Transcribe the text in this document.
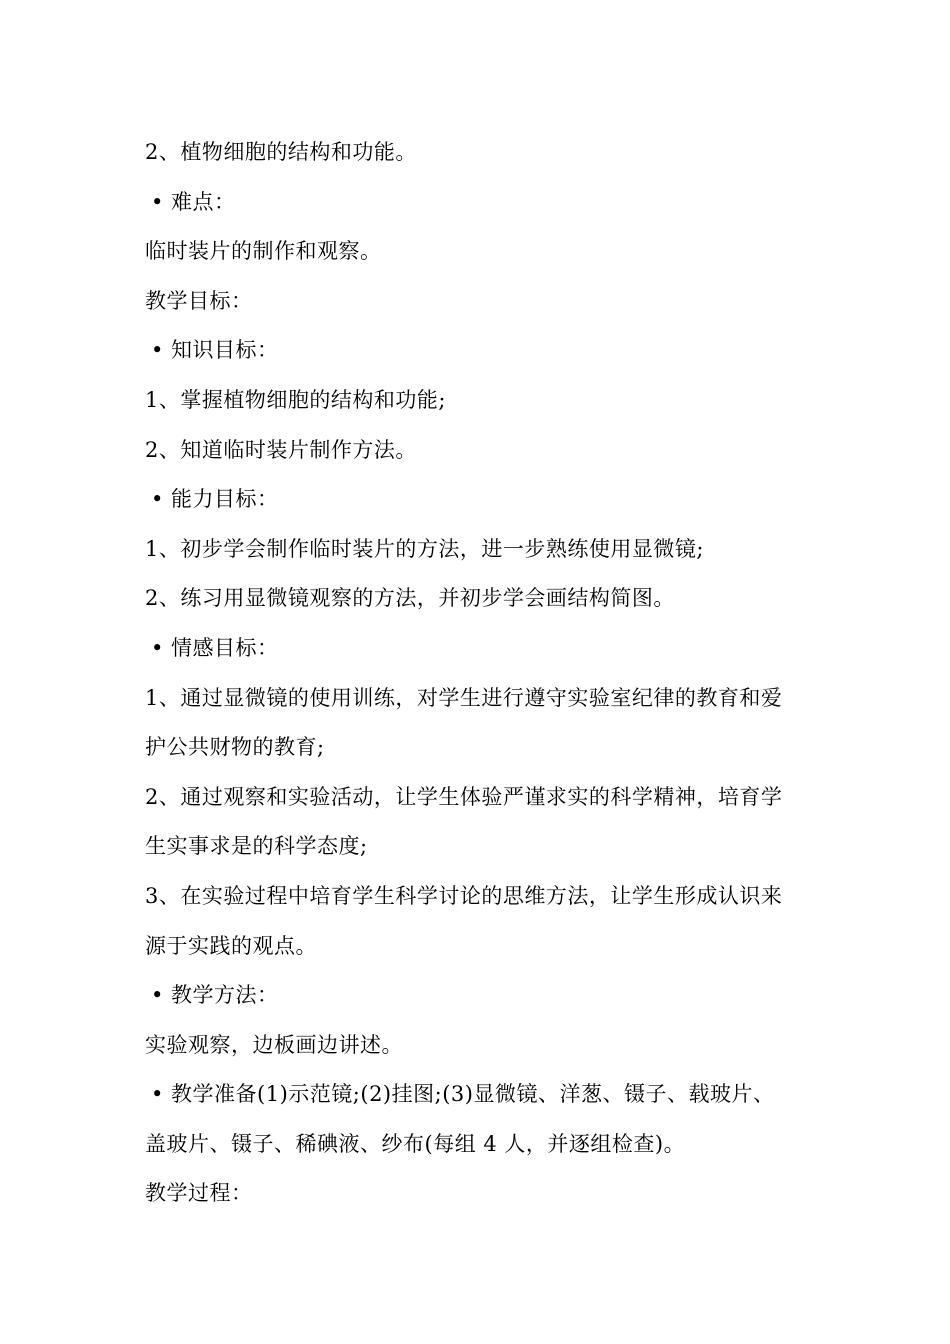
2、植物细胞的结构和功能。
• 难点：
临时装片的制作和观察。
教学目标：
• 知识目标：
1、掌握植物细胞的结构和功能;
2、知道临时装片制作方法。
• 能力目标：
1、初步学会制作临时装片的方法，进一步熟练使用显微镜;
2、练习用显微镜观察的方法，并初步学会画结构简图。
• 情感目标：
1、通过显微镜的使用训练，对学生进行遵守实验室纪律的教育和爱
护公共财物的教育;
2、通过观察和实验活动，让学生体验严谨求实的科学精神，培育学
生实事求是的科学态度;
3、在实验过程中培育学生科学讨论的思维方法，让学生形成认识来
源于实践的观点。
• 教学方法：
实验观察，边板画边讲述。
• 教学准备(1)示范镜;(2)挂图;(3)显微镜、洋葱、镊子、载玻片、
盖玻片、镊子、稀碘液、纱布(每组 4 人，并逐组检查)。
教学过程：
